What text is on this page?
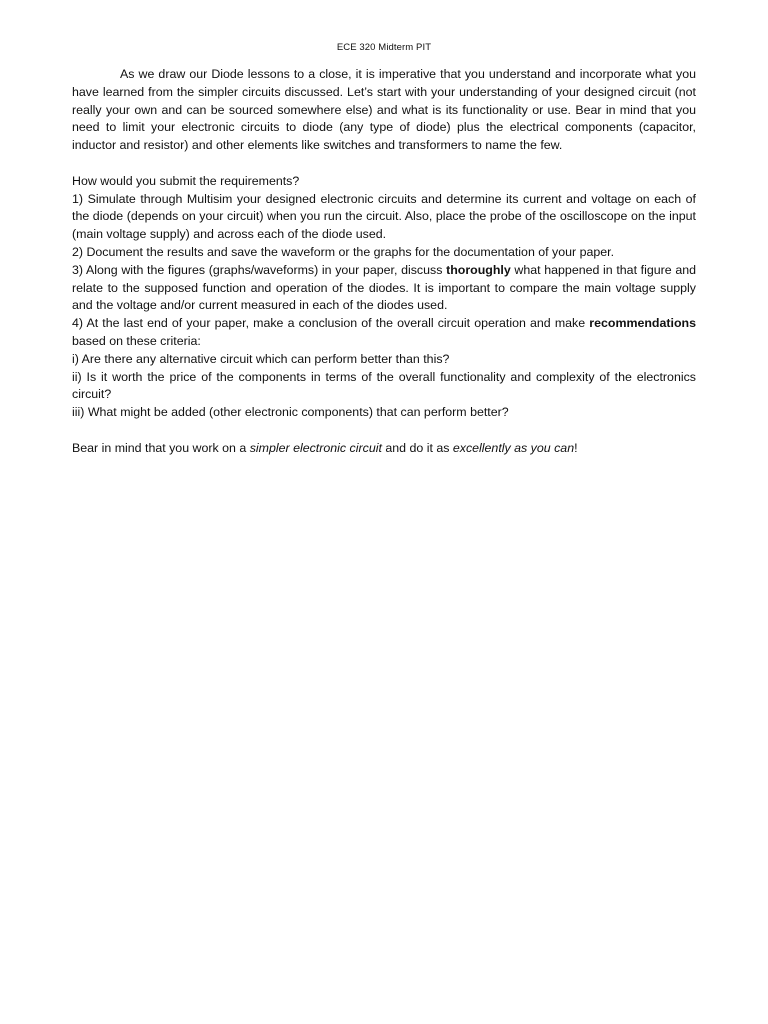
ECE 320 Midterm PIT

As we draw our Diode lessons to a close, it is imperative that you understand and incorporate what you have learned from the simpler circuits discussed. Let’s start with your understanding of your designed circuit (not really your own and can be sourced somewhere else) and what is its functionality or use. Bear in mind that you need to limit your electronic circuits to diode (any type of diode) plus the electrical components (capacitor, inductor and resistor) and other elements like switches and transformers to name the few.

How would you submit the requirements?

1) Simulate through Multisim your designed electronic circuits and determine its current and voltage on each of the diode (depends on your circuit) when you run the circuit. Also, place the probe of the oscilloscope on the input (main voltage supply) and across each of the diode used.

2) Document the results and save the waveform or the graphs for the documentation of your paper.

3) Along with the figures (graphs/waveforms) in your paper, discuss thoroughly what happened in that figure and relate to the supposed function and operation of the diodes. It is important to compare the main voltage supply and the voltage and/or current measured in each of the diodes used.

4) At the last end of your paper, make a conclusion of the overall circuit operation and make recommendations based on these criteria:

i) Are there any alternative circuit which can perform better than this?

ii) Is it worth the price of the components in terms of the overall functionality and complexity of the electronics circuit?

iii) What might be added (other electronic components) that can perform better?

Bear in mind that you work on a simpler electronic circuit and do it as excellently as you can!
